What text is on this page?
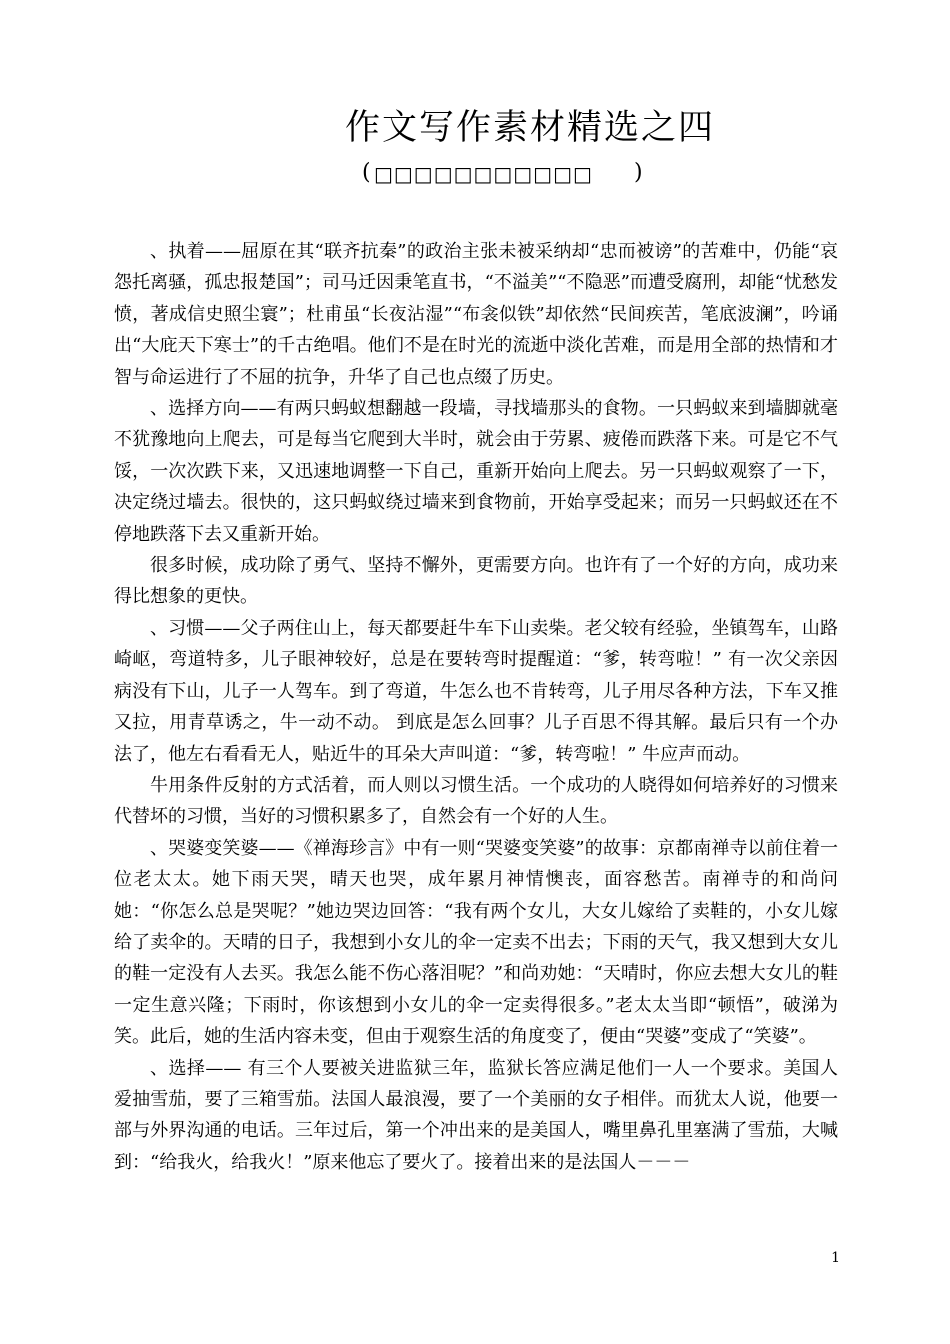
作文写作素材精选之四
( □□□□□□□□□□□ )

、执着——屈原在其“联齐抗秦”的政治主张未被采纳却“忠而被谤”的苦难中，仍能“哀怨托离骚，孤忠报楚国”；司马迁因秉笔直书，“不溢美”“不隐恶”而遭受腐刑，却能“忧愁发愤，著成信史照尘寰”；杜甫虽“长夜沾湿”“布衾似铁”却依然“民间疾苦，笔底波澜”，吟诵出“大庇天下寒士”的千古绝唱。他们不是在时光的流逝中淡化苦难，而是用全部的热情和才智与命运进行了不屈的抗争，升华了自己也点缀了历史。

、选择方向——有两只蚂蚁想翻越一段墙，寻找墙那头的食物。一只蚂蚁来到墙脚就毫不犹豫地向上爬去，可是每当它爬到大半时，就会由于劳累、疲倦而跌落下来。可是它不气馁，一次次跌下来，又迅速地调整一下自己，重新开始向上爬去。另一只蚂蚁观察了一下，决定绕过墙去。很快的，这只蚂蚁绕过墙来到食物前，开始享受起来；而另一只蚂蚁还在不停地跌落下去又重新开始。

很多时候，成功除了勇气、坚持不懈外，更需要方向。也许有了一个好的方向，成功来得比想象的更快。

、习惯——父子两住山上，每天都要赶牛车下山卖柴。老父较有经验，坐镇驾车，山路崎岖，弯道特多，儿子眼神较好，总是在要转弯时提醒道：“爹，转弯啦！” 有一次父亲因病没有下山，儿子一人驾车。到了弯道，牛怎么也不肯转弯，儿子用尽各种方法，下车又推又拉，用青草诱之，牛一动不动。 到底是怎么回事？儿子百思不得其解。最后只有一个办法了，他左右看看无人，贴近牛的耳朵大声叫道：“爹，转弯啦！” 牛应声而动。

牛用条件反射的方式活着，而人则以习惯生活。一个成功的人晓得如何培养好的习惯来代替坏的习惯，当好的习惯积累多了，自然会有一个好的人生。

、哭婆变笑婆——《禅海珍言》中有一则“哭婆变笑婆”的故事：京都南禅寺以前住着一位老太太。她下雨天哭，晴天也哭，成年累月神情懊丧，面容愁苦。南禅寺的和尚问她：“你怎么总是哭呢？”她边哭边回答：“我有两个女儿，大女儿嫁给了卖鞋的，小女儿嫁给了卖伞的。天晴的日子，我想到小女儿的伞一定卖不出去；下雨的天气，我又想到大女儿的鞋一定没有人去买。我怎么能不伤心落泪呢？”和尚劝她：“天晴时，你应去想大女儿的鞋一定生意兴隆；下雨时，你该想到小女儿的伞一定卖得很多。”老太太当即“顿悟”，破涕为笑。此后，她的生活内容未变，但由于观察生活的角度变了，便由“哭婆”变成了“笑婆”。

、选择—— 有三个人要被关进监狱三年，监狱长答应满足他们一人一个要求。美国人爱抽雪茄，要了三箱雪茄。法国人最浪漫，要了一个美丽的女子相伴。而犹太人说，他要一部与外界沟通的电话。三年过后，第一个冲出来的是美国人，嘴里鼻孔里塞满了雪茄，大喊到：“给我火，给我火！”原来他忘了要火了。接着出来的是法国人－－－

1
